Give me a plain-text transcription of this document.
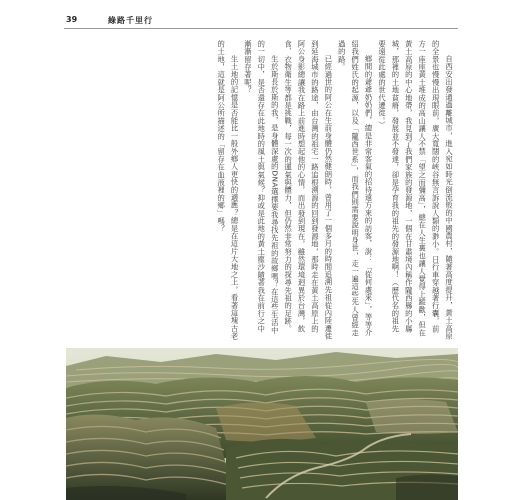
39	綠路千里行

自西安出發通過離城市，進入宛如時光倒流般的中國農村，隨著高度提升，黃土高原的全景也慢慢出現眼前，廣大寬闊的峽谷無言訴說人類的渺小。日行車穿越著行囊，前方一座座黃土堆成的高山讓人不禁「望之而彌高」，總在人生裏也讓人覺得上蹤歡，但在黃土高原的中心地帶，我見到了我們家族的發源地，一個在甘肅境內稱作隴西縣的小縣城，那裡的土地貧瘠，發展並不發達，卻是孕育我的祖先的發源地啊！（歷代名的祖先要遠從此處的世代遷徙。）

鄉間的爺爺奶奶們，總是非常客氣的招待遠方來的訪客，說：「從何處來」，等等介紹我們姓氏的起源，以及「隴西世系」，而我們則需要說明身世，走一遍這些先人曾經走過的路。

已經過世的阿公在生前身體仍然健朗時，曾用了一個多月的時間追溯先祖從內陸遷徙到延海城市的路途，由台灣的祖宅一路追根溯源的回到發源地，那時走在黃土高原上的阿公身影總讓我在路上前進時想起他的心情，而出發到現在，雖然環境迥異於台灣，飲食、衣物衛生等都是挑戰，每一次的運氣與體力，但仍然非常努力的探尋先祖的足跡。

生於斯長於斯的我，是身體深處的DNA選擇要我尋找先祖的故鄉嗎？在這些生活中的一切中，是否還存在此地時的風土與氣候？抑或是此地的黃土塵沙隨著我在前行之中漸漸留存著呢？

生土地的記憶是否能比一般外鄉人更快的適應？總是在這片大地之上，看著這塊古老的土地，這就是阿公所描述的「留存在血液裡的鄉」嗎？
